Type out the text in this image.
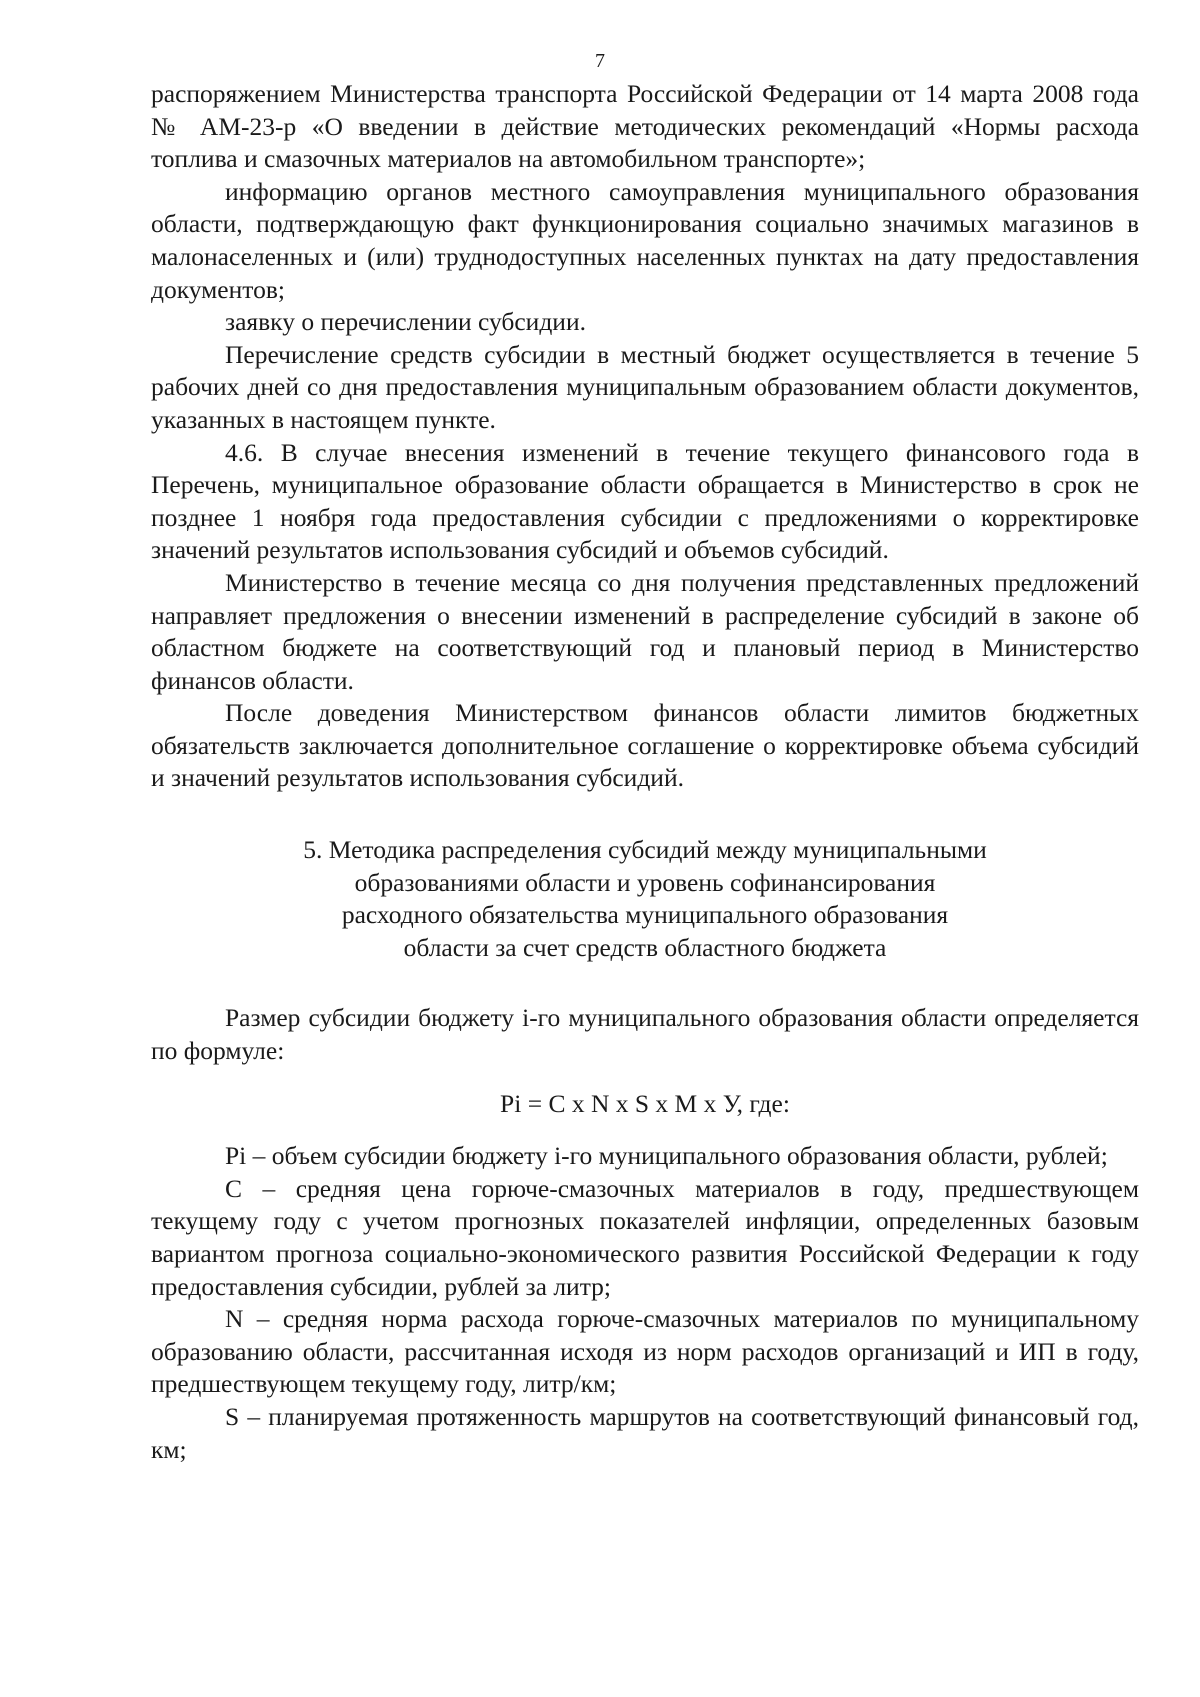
7

распоряжением Министерства транспорта Российской Федерации от 14 марта 2008 года № АМ-23-р «О введении в действие методических рекомендаций «Нормы расхода топлива и смазочных материалов на автомобильном транспорте»;

информацию органов местного самоуправления муниципального образования области, подтверждающую факт функционирования социально значимых магазинов в малонаселенных и (или) труднодоступных населенных пунктах на дату предоставления документов;

заявку о перечислении субсидии.

Перечисление средств субсидии в местный бюджет осуществляется в течение 5 рабочих дней со дня предоставления муниципальным образованием области документов, указанных в настоящем пункте.

4.6. В случае внесения изменений в течение текущего финансового года в Перечень, муниципальное образование области обращается в Министерство в срок не позднее 1 ноября года предоставления субсидии с предложениями о корректировке значений результатов использования субсидий и объемов субсидий.

Министерство в течение месяца со дня получения представленных предложений направляет предложения о внесении изменений в распределение субсидий в законе об областном бюджете на соответствующий год и плановый период в Министерство финансов области.

После доведения Министерством финансов области лимитов бюджетных обязательств заключается дополнительное соглашение о корректировке объема субсидий и значений результатов использования субсидий.

5. Методика распределения субсидий между муниципальными
образованиями области и уровень софинансирования
расходного обязательства муниципального образования
области за счет средств областного бюджета

Размер субсидии бюджету i-го муниципального образования области определяется по формуле:

Pi = C x N x S x M x У, где:

Pi – объем субсидии бюджету i-го муниципального образования области, рублей;

C – средняя цена горюче-смазочных материалов в году, предшествующем текущему году с учетом прогнозных показателей инфляции, определенных базовым вариантом прогноза социально-экономического развития Российской Федерации к году предоставления субсидии, рублей за литр;

N – средняя норма расхода горюче-смазочных материалов по муниципальному образованию области, рассчитанная исходя из норм расходов организаций и ИП в году, предшествующем текущему году, литр/км;

S – планируемая протяженность маршрутов на соответствующий финансовый год, км;
